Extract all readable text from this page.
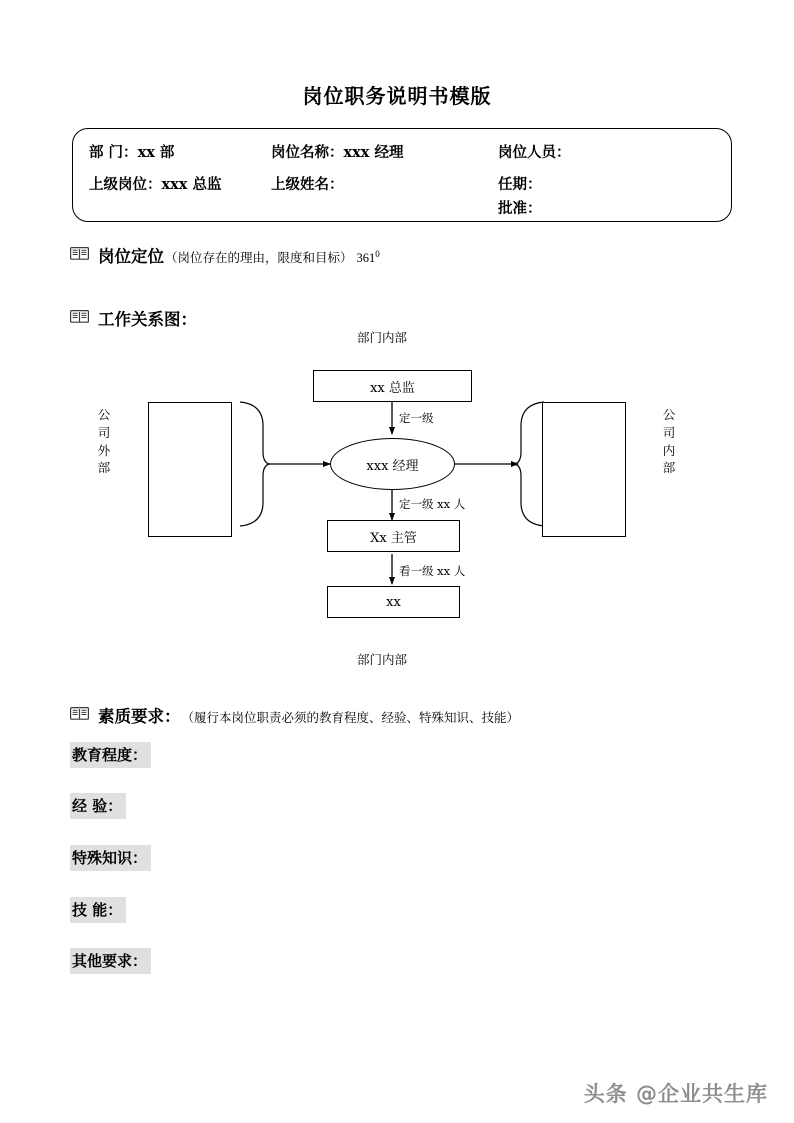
岗位职务说明书模版
部 门：xx 部	岗位名称：xxx 经理	岗位人员：
上级岗位：xxx 总监	上级姓名：	任期：
批准：
岗位定位 （岗位存在的理由，限度和目标） $361^0$
工作关系图：
部门内部
xx 总监
定一级
xxx 经理
定一级 xx 人
Xx 主管
看一级 xx 人
xx
公司外部
公司内部
部门内部
素质要求： （履行本岗位职责必须的教育程度、经验、特殊知识、技能）
教育程度：
经 验：
特殊知识：
技 能：
其他要求：
头条 @企业共生库
